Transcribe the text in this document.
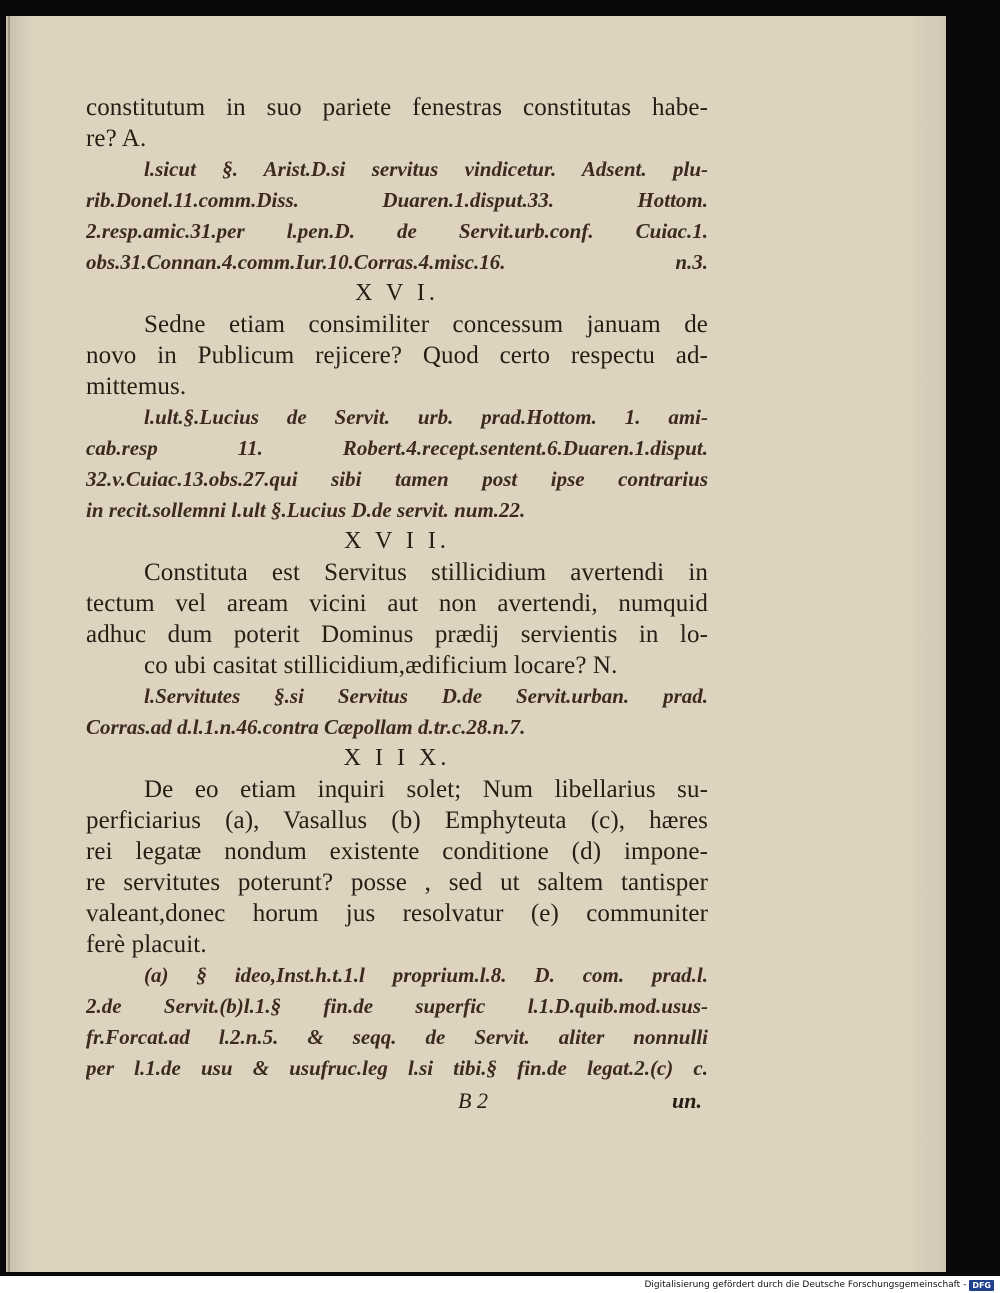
constitutum in suo pariete fenestras constitutas habe-
re? A.
l.sicut §. Arist.D.si servitus vindicetur. Adsent. plu-
rib.Donel.11.comm.Diss. Duaren.1.disput.33. Hottom.
2.resp.amic.31.per l.pen.D. de Servit.urb.conf. Cuiac.1.
obs.31.Connan.4.comm.Iur.10.Corras.4.misc.16. n.3.
X V I.
Sedne etiam consimiliter concessum januam de
novo in Publicum rejicere? Quod certo respectu ad-
mittemus.
l.ult.§.Lucius de Servit. urb. prad.Hottom. 1. ami-
cab.resp 11. Robert.4.recept.sentent.6.Duaren.1.disput.
32.v.Cuiac.13.obs.27.qui sibi tamen post ipse contrarius
in recit.sollemni l.ult §.Lucius D.de servit. num.22.
X V I I.
Constituta est Servitus stillicidium avertendi in
tectum vel aream vicini aut non avertendi, numquid
adhuc dum poterit Dominus prædij servientis in lo-
co ubi casitat stillicidium,ædificium locare? N.
l.Servitutes §.si Servitus D.de Servit.urban. prad.
Corras.ad d.l.1.n.46.contra Cæpollam d.tr.c.28.n.7.
X I I X.
De eo etiam inquiri solet; Num libellarius su-
perficiarius (a), Vasallus (b) Emphyteuta (c), hæres
rei legatæ nondum existente conditione (d) impone-
re servitutes poterunt? posse , sed ut saltem tantisper
valeant,donec horum jus resolvatur (e) communiter
ferè placuit.
(a) § ideo,Inst.h.t.1.l proprium.l.8. D. com. prad.l.
2.de Servit.(b)l.1.§ fin.de superfic l.1.D.quib.mod.usus-
fr.Forcat.ad l.2.n.5. & seqq. de Servit. aliter nonnulli
per l.1.de usu & usufruc.leg l.si tibi.§ fin.de legat.2.(c) c.
B 2	un.
Digitalisierung gefördert durch die Deutsche Forschungsgemeinschaft - DFG
